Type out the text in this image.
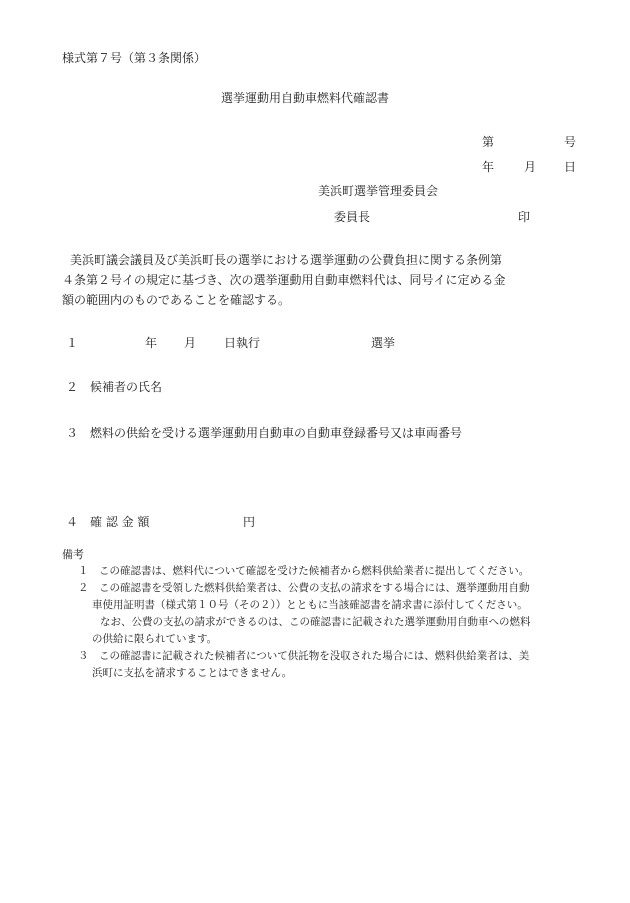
様式第７号（第３条関係）
選挙運動用自動車燃料代確認書
第	号
年 月 日
美浜町選挙管理委員会
委員長	印
美浜町議会議員及び美浜町長の選挙における選挙運動の公費負担に関する条例第
４条第２号イの規定に基づき、次の選挙運動用自動車燃料代は、同号イに定める金
額の範囲内のものであることを確認する。
１	年 月 日執行	選挙
２ 候補者の氏名
３ 燃料の供給を受ける選挙運動用自動車の自動車登録番号又は車両番号
４ 確 認 金 額	円
備考
１　この確認書は、燃料代について確認を受けた候補者から燃料供給業者に提出してください。
２　この確認書を受領した燃料供給業者は、公費の支払の請求をする場合には、選挙運動用自動
車使用証明書（様式第１０号（その２））とともに当該確認書を請求書に添付してください。
なお、公費の支払の請求ができるのは、この確認書に記載された選挙運動用自動車への燃料
の供給に限られています。
３　この確認書に記載された候補者について供託物を没収された場合には、燃料供給業者は、美
浜町に支払を請求することはできません。
